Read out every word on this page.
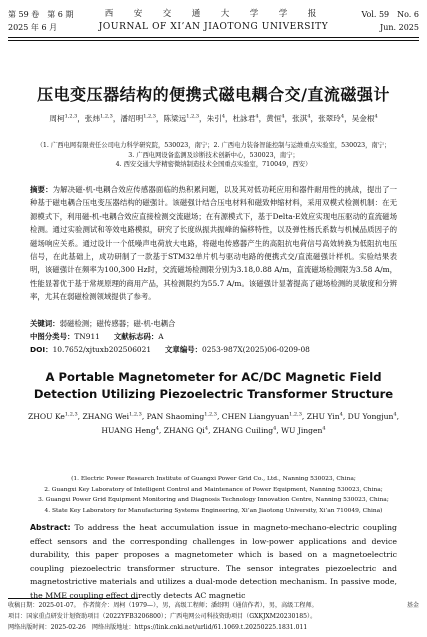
第 59 卷　第 6 期
2025 年 6 月
西　安　交　通　大　学　学　报
JOURNAL OF XI’AN JIAOTONG UNIVERSITY
Vol. 59　No. 6
Jun. 2025
压电变压器结构的便携式磁电耦合交/直流磁强计
周柯$^{1,2,3}$，张炜$^{1,2,3}$，潘绍明$^{1,2,3}$，陈梁远$^{1,2,3}$，朱引$^4$，杜詠君$^4$，黄恒$^4$，张淇$^4$，张翠玲$^4$，吴金根$^4$
（1. 广西电网有限责任公司电力科学研究院，530023，南宁；2. 广西电力装备智能控制与运维重点实验室，530023，南宁；3. 广西电网设备监测及诊断技术创新中心，530023，南宁；
4. 西安交通大学精密微纳制造技术全国重点实验室，710049，西安）

摘要：为解决磁-机-电耦合效应传感器面临的热积累问题，以及其对低功耗应用和器件耐用性的挑战，提出了一种基于磁电耦合压电变压器结构的磁强计。该磁强计结合压电材料和磁致伸缩材料，采用双模式检测机制：在无源模式下，利用磁-机-电耦合效应直接检测交流磁场；在有源模式下，基于Delta-E效应实现电压驱动的直流磁场检测。通过实验测试和等效电路模拟，研究了长度纵振共振峰的偏移特性，以及弹性杨氏系数与机械品质因子的磁场响应关系。通过设计一个低噪声电荷放大电路，将磁电传感器产生的高阻抗电荷信号高效转换为低阻抗电压信号，在此基础上，成功研制了一款基于STM32单片机与驱动电路的便携式交/直流磁强计样机。实验结果表明，该磁强计在频率为100,300 Hz时，交流磁场检测限分别为3.18,0.88 A/m，直流磁场检测限为3.58 A/m，性能显著优于基于常规原理的商用产品，其检测限约为55.7 A/m。该磁强计显著提高了磁场检测的灵敏度和分辨率，尤其在弱磁检测领域提供了参考。

关键词：弱磁检测；磁传感器；磁-机-电耦合
中图分类号：TN911 文献标志码：A
DOI：10.7652/xjtuxb202506021 文章编号：0253-987X(2025)06-0209-08
A Portable Magnetometer for AC/DC Magnetic Field Detection Utilizing Piezoelectric Transformer Structure
ZHOU Ke$^{1,2,3}$, ZHANG Wei$^{1,2,3}$, PAN Shaoming$^{1,2,3}$, CHEN Liangyuan$^{1,2,3}$, ZHU Yin$^4$, DU Yongjun$^4$, HUANG Heng$^4$, ZHANG Qi$^4$, ZHANG Cuiling$^4$, WU Jingen$^4$
(1. Electric Power Research Institute of Guangxi Power Grid Co., Ltd., Nanning 530023, China;
2. Guangxi Key Laboratory of Intelligent Control and Maintenance of Power Equipment, Nanning 530023, China;
3. Guangxi Power Grid Equipment Monitoring and Diagnosis Technology Innovation Centre, Nanning 530023, China;
4. State Key Laboratory for Manufacturing Systems Engineering, Xi’an Jiaotong University, Xi’an 710049, China)

Abstract: To address the heat accumulation issue in magneto-mechano-electric coupling effect sensors and the corresponding challenges in low-power applications and device durability, this paper proposes a magnetometer which is based on a magnetoelectric coupling piezoelectric transformer structure. The sensor integrates piezoelectric and magnetostrictive materials and utilizes a dual-mode detection mechanism. In passive mode, the MME coupling effect directly detects AC magnetic

基金
收稿日期：2025-01-07。　 作者简介：周柯（1979—），男，高级工程师；潘绍明（通信作者），男，高级工程师。
项目：国家重点研发计划资助项目（2022YFB3206800）；广西电网公司科技资助项目（GXKJXM20230185）。
网络出版时间：2025-02-26　 网络出版地址：https://link.cnki.net/urlid/61.1069.t.20250225.1831.011
